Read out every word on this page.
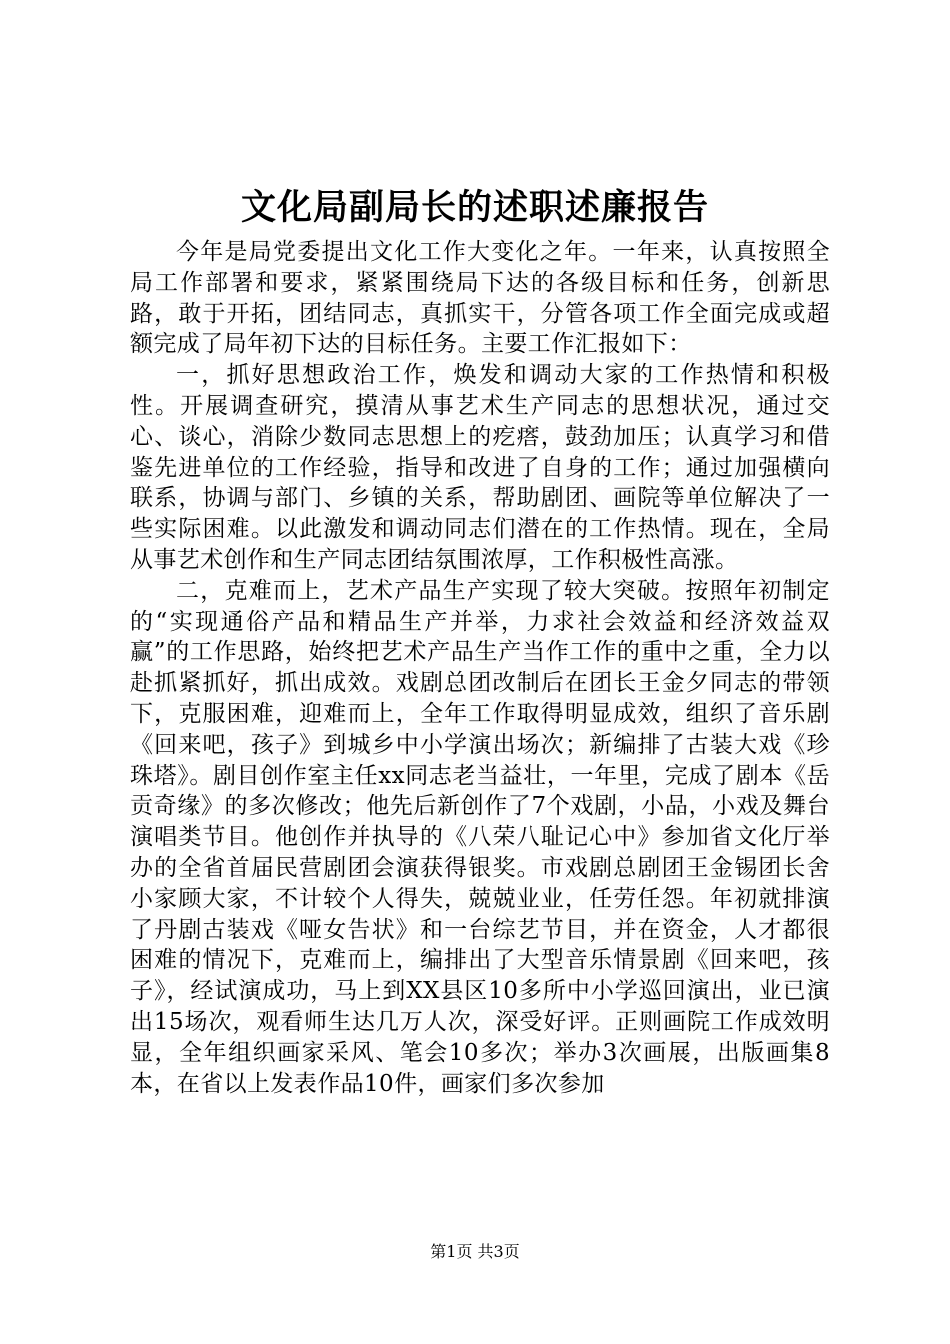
文化局副局长的述职述廉报告

今年是局党委提出文化工作大变化之年。一年来，认真按照全局工作部署和要求，紧紧围绕局下达的各级目标和任务，创新思路，敢于开拓，团结同志，真抓实干，分管各项工作全面完成或超额完成了局年初下达的目标任务。主要工作汇报如下：

一，抓好思想政治工作，焕发和调动大家的工作热情和积极性。开展调查研究，摸清从事艺术生产同志的思想状况，通过交心、谈心，消除少数同志思想上的疙瘩，鼓劲加压；认真学习和借鉴先进单位的工作经验，指导和改进了自身的工作；通过加强横向联系，协调与部门、乡镇的关系，帮助剧团、画院等单位解决了一些实际困难。以此激发和调动同志们潜在的工作热情。现在，全局从事艺术创作和生产同志团结氛围浓厚，工作积极性高涨。

二，克难而上，艺术产品生产实现了较大突破。按照年初制定的“实现通俗产品和精品生产并举，力求社会效益和经济效益双赢”的工作思路，始终把艺术产品生产当作工作的重中之重，全力以赴抓紧抓好，抓出成效。戏剧总团改制后在团长王金夕同志的带领下，克服困难，迎难而上，全年工作取得明显成效，组织了音乐剧《回来吧，孩子》到城乡中小学演出场次；新编排了古装大戏《珍珠塔》。剧目创作室主任xx同志老当益壮，一年里，完成了剧本《岳贡奇缘》的多次修改；他先后新创作了7个戏剧，小品，小戏及舞台演唱类节目。他创作并执导的《八荣八耻记心中》参加省文化厅举办的全省首届民营剧团会演获得银奖。市戏剧总剧团王金锡团长舍小家顾大家，不计较个人得失，兢兢业业，任劳任怨。年初就排演了丹剧古装戏《哑女告状》和一台综艺节目，并在资金，人才都很困难的情况下，克难而上，编排出了大型音乐情景剧《回来吧，孩子》，经试演成功，马上到XX县区10多所中小学巡回演出，业已演出15场次，观看师生达几万人次，深受好评。正则画院工作成效明显，全年组织画家采风、笔会10多次；举办3次画展，出版画集8本，在省以上发表作品10件，画家们多次参加

第1页 共3页
